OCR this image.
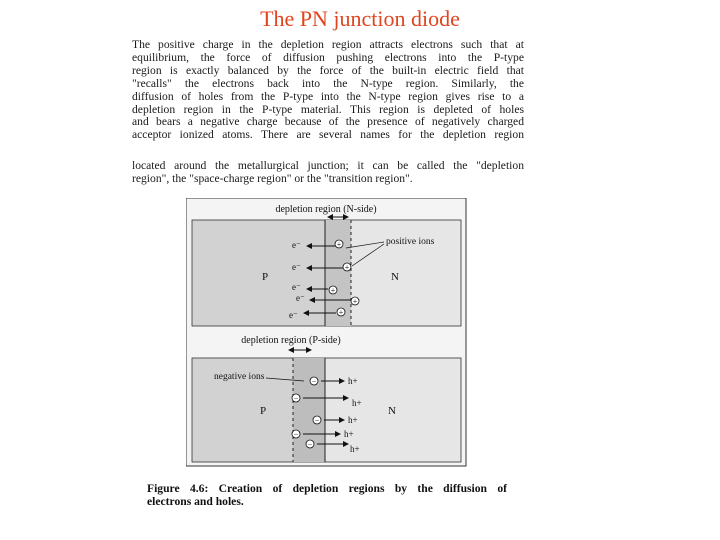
The PN junction diode
The positive charge in the depletion region attracts electrons such that at
equilibrium, the force of diffusion pushing electrons into the P-type
region is exactly balanced by the force of the built-in electric field that
"recalls" the electrons back into the N-type region. Similarly, the
diffusion of holes from the P-type into the N-type region gives rise to a
depletion region in the P-type material. This region is depleted of holes
and bears a negative charge because of the presence of negatively charged
acceptor ionized atoms. There are several names for the depletion region
located around the metallurgical junction; it can be called the "depletion
region", the "space-charge region" or the "transition region".
depletion region (N-side)
P	N
positive ions
e⁻	+
e⁻	+
e⁻	+
e⁻	+
e⁻	+
depletion region (P-side)
P	N
negative ions	−	h+
−	h+
−	h+
−	h+
−	h+
Figure 4.6: Creation of depletion regions by the diffusion of
electrons and holes.
